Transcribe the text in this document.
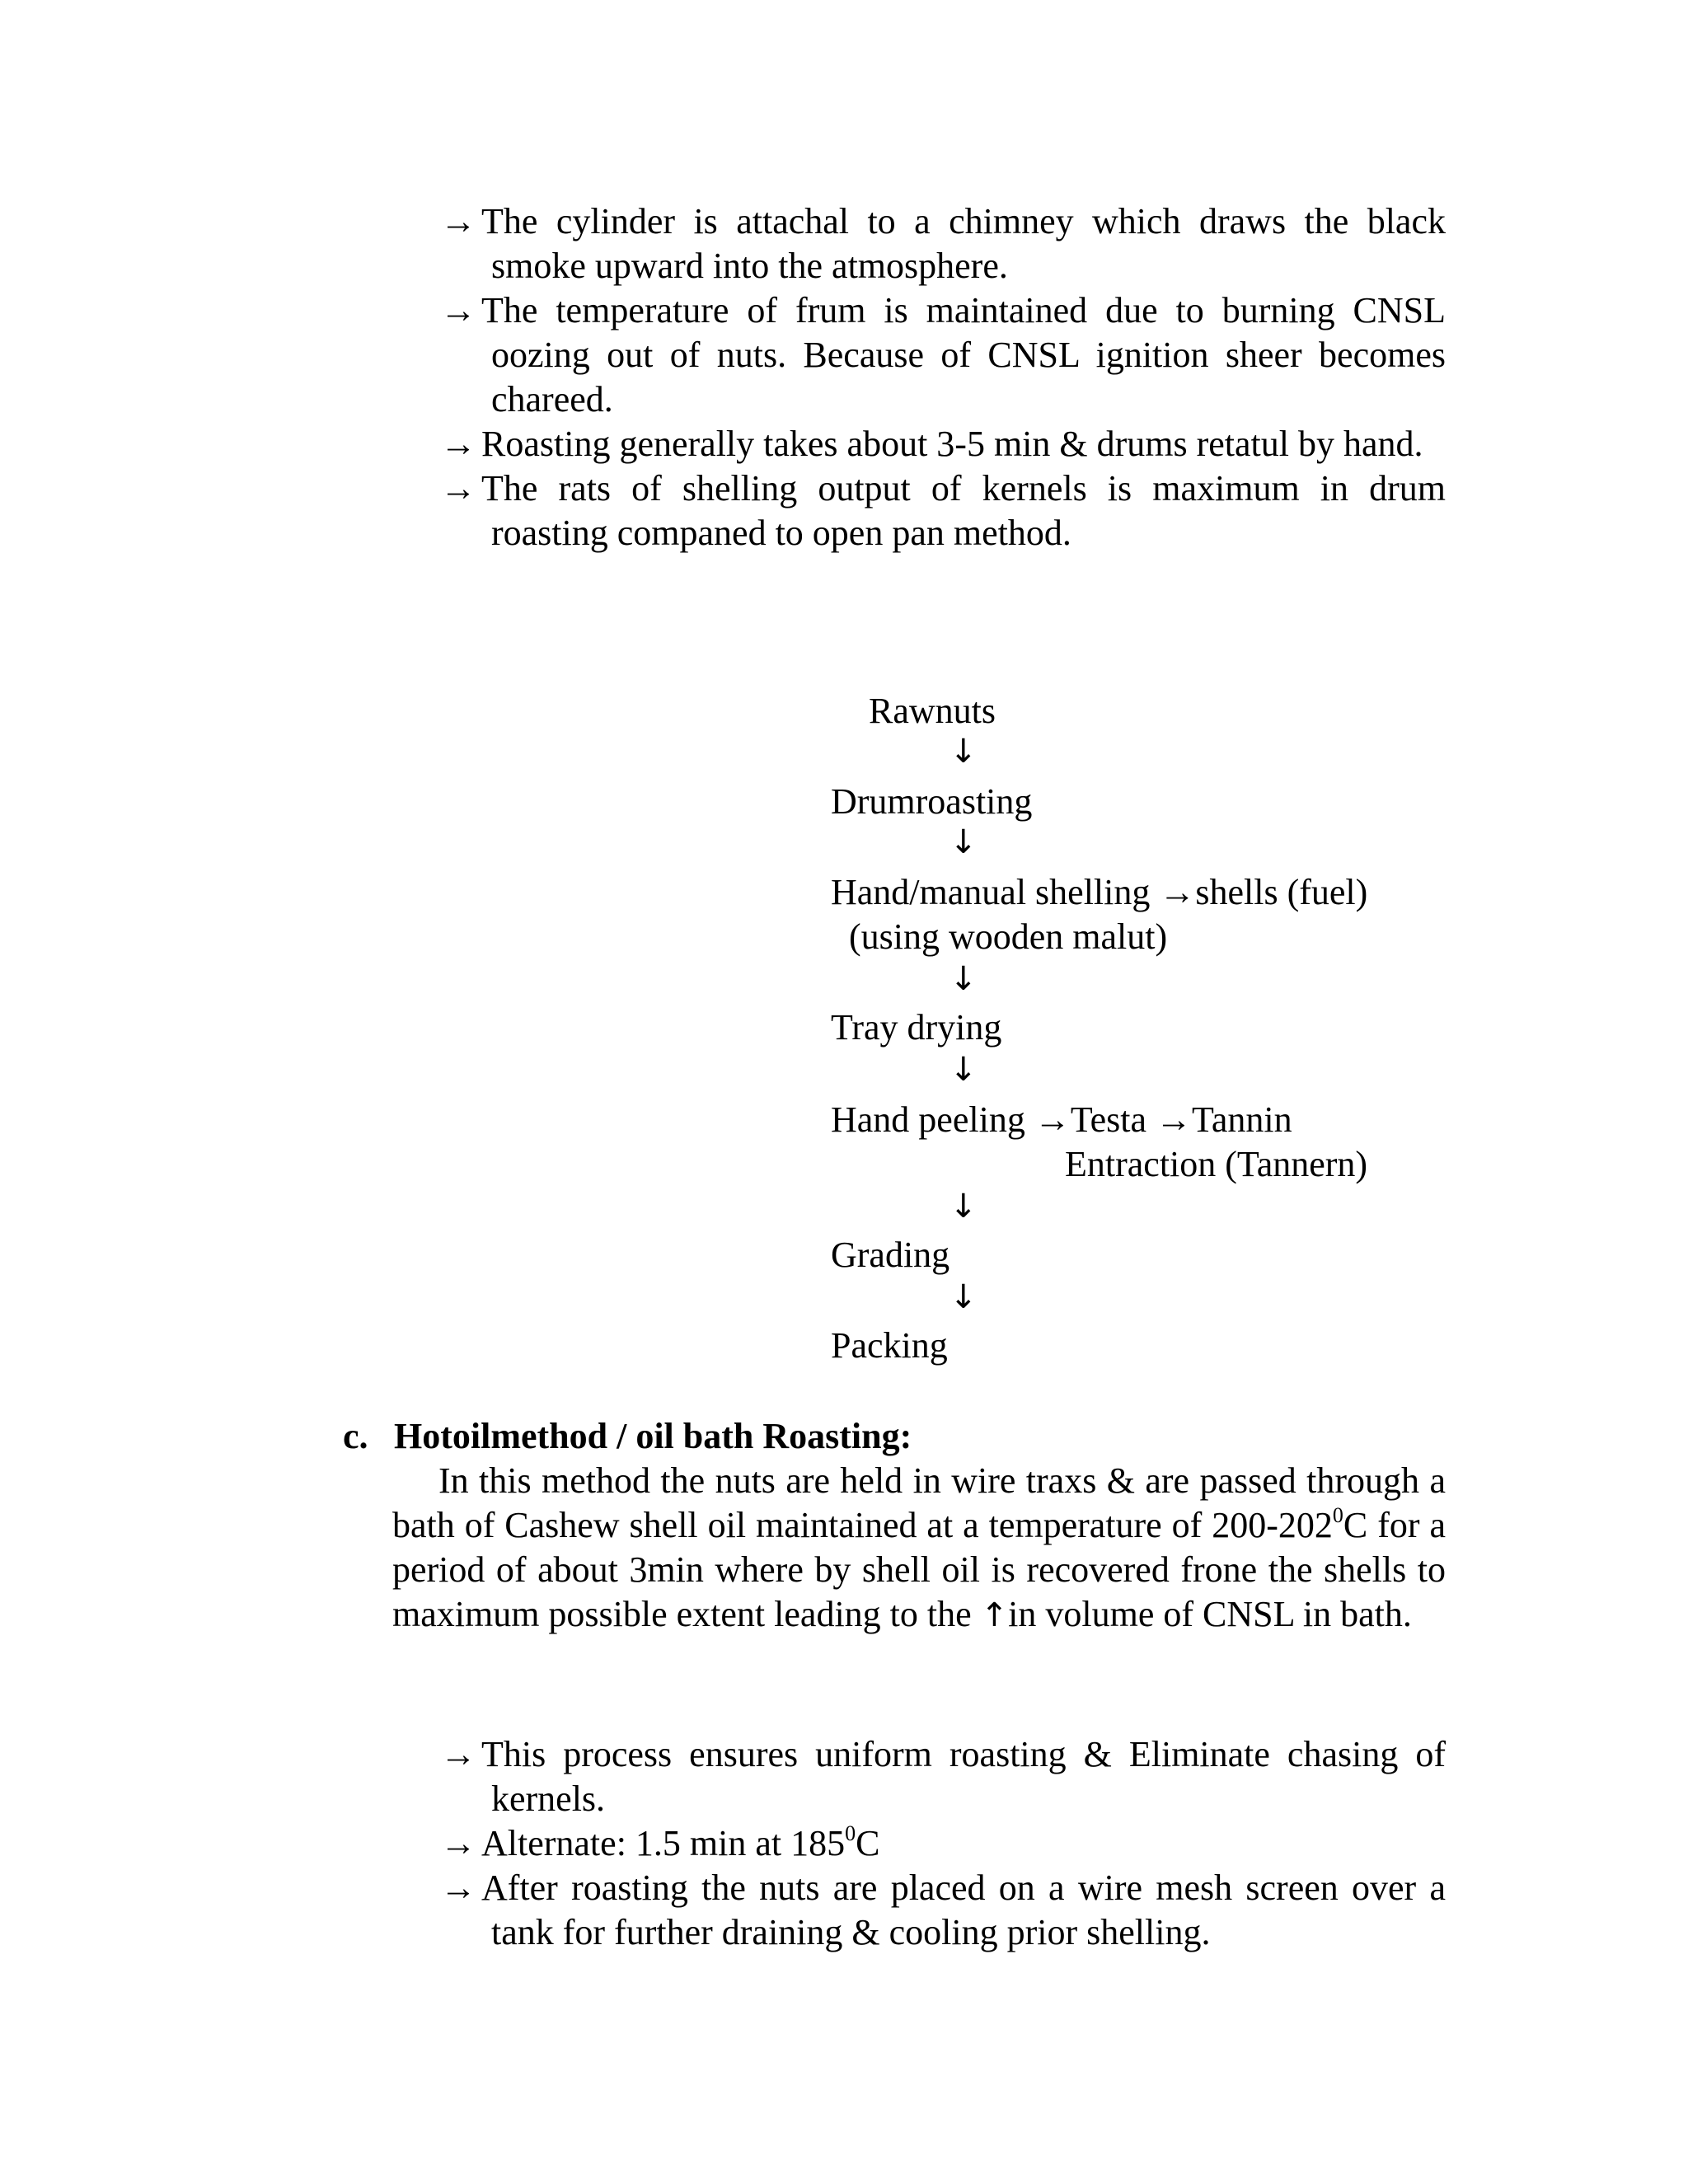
→ The cylinder is attachal to a chimney which draws the black smoke upward into the atmosphere.

→ The temperature of frum is maintained due to burning CNSL oozing out of nuts. Because of CNSL ignition sheer becomes chareed.

→ Roasting generally takes about 3-5 min & drums retatul by hand.

→ The rats of shelling output of kernels is maximum in drum roasting companed to open pan method.

Rawnuts
↓
Drumroasting
↓
Hand/manual shelling →shells (fuel)
(using wooden malut)
↓
Tray drying
↓
Hand peeling →Testa →Tannin
Entraction (Tannern)
↓
Grading
↓
Packing
c. Hotoilmethod / oil bath Roasting:
In this method the nuts are held in wire traxs & are passed through a bath of Cashew shell oil maintained at a temperature of $200-202^0C$ for a period of about 3min where by shell oil is recovered frone the shells to maximum possible extent leading to the ↑in volume of CNSL in bath.

→ This process ensures uniform roasting & Eliminate chasing of kernels.

→ Alternate: 1.5 min at $185^0C$

→ After roasting the nuts are placed on a wire mesh screen over a tank for further draining & cooling prior shelling.
